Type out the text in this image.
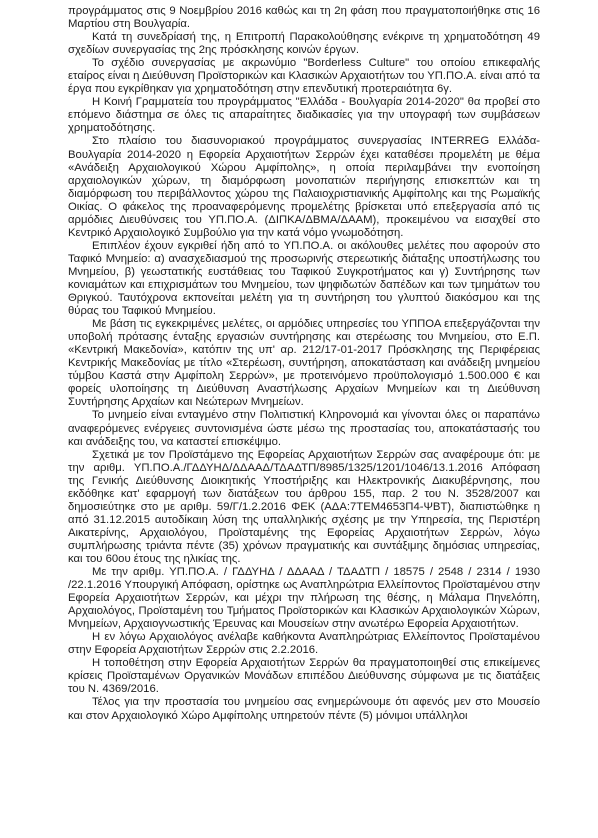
προγράμματος στις 9 Νοεμβρίου 2016 καθώς και τη 2η φάση που πραγματοποιήθηκε στις 16 Μαρτίου στη Βουλγαρία.

Κατά τη συνεδρίασή της, η Επιτροπή Παρακολούθησης ενέκρινε τη χρηματοδότηση 49 σχεδίων συνεργασίας της 2ης πρόσκλησης κοινών έργων.

Το σχέδιο συνεργασίας με ακρωνύμιο "Borderless Culture" του οποίου επικεφαλής εταίρος είναι η Διεύθυνση Προϊστορικών και Κλασικών Αρχαιοτήτων του ΥΠ.ΠΟ.Α. είναι από τα έργα που εγκρίθηκαν για χρηματοδότηση στην επενδυτική προτεραιότητα 6γ.

Η Κοινή Γραμματεία του προγράμματος "Ελλάδα - Βουλγαρία 2014-2020" θα προβεί στο επόμενο διάστημα σε όλες τις απαραίτητες διαδικασίες για την υπογραφή των συμβάσεων χρηματοδότησης.

Στο πλαίσιο του διασυνοριακού προγράμματος συνεργασίας INTERREG Ελλάδα-Βουλγαρία 2014-2020 η Εφορεία Αρχαιοτήτων Σερρών έχει καταθέσει προμελέτη με θέμα «Ανάδειξη Αρχαιολογικού Χώρου Αμφίπολης», η οποία περιλαμβάνει την ενοποίηση αρχαιολογικών χώρων, τη διαμόρφωση μονοπατιών περιήγησης επισκεπτών και τη διαμόρφωση του περιβάλλοντος χώρου της Παλαιοχριστιανικής Αμφίπολης και της Ρωμαϊκής Οικίας. Ο φάκελος της προαναφερόμενης προμελέτης βρίσκεται υπό επεξεργασία από τις αρμόδιες Διευθύνσεις του ΥΠ.ΠΟ.Α. (ΔΙΠΚΑ/ΔΒΜΑ/ΔΑΑΜ), προκειμένου να εισαχθεί στο Κεντρικό Αρχαιολογικό Συμβούλιο για την κατά νόμο γνωμοδότηση.

Επιπλέον έχουν εγκριθεί ήδη από το ΥΠ.ΠΟ.Α. οι ακόλουθες μελέτες που αφορούν στο Ταφικό Μνημείο: α) ανασχεδιασμού της προσωρινής στερεωτικής διάταξης υποστήλωσης του Μνημείου, β) γεωστατικής ευστάθειας του Ταφικού Συγκροτήματος και γ) Συντήρησης των κονιαμάτων και επιχρισμάτων του Μνημείου, των ψηφιδωτών δαπέδων και των τμημάτων του Θριγκού. Ταυτόχρονα εκπονείται μελέτη για τη συντήρηση του γλυπτού διακόσμου και της θύρας του Ταφικού Μνημείου.

Με βάση τις εγκεκριμένες μελέτες, οι αρμόδιες υπηρεσίες του ΥΠΠΟΑ επεξεργάζονται την υποβολή πρότασης ένταξης εργασιών συντήρησης και στερέωσης του Μνημείου, στο Ε.Π. «Κεντρική Μακεδονία», κατόπιν της υπ' αρ. 212/17-01-2017 Πρόσκλησης της Περιφέρειας Κεντρικής Μακεδονίας με τίτλο «Στερέωση, συντήρηση, αποκατάσταση και ανάδειξη μνημείου τύμβου Καστά στην Αμφίπολη Σερρών», με προτεινόμενο προϋπολογισμό 1.500.000 € και φορείς υλοποίησης τη Διεύθυνση Αναστήλωσης Αρχαίων Μνημείων και τη Διεύθυνση Συντήρησης Αρχαίων και Νεώτερων Μνημείων.

Το μνημείο είναι ενταγμένο στην Πολιτιστική Κληρονομιά και γίνονται όλες οι παραπάνω αναφερόμενες ενέργειες συντονισμένα ώστε μέσω της προστασίας του, αποκατάστασής του και ανάδειξης του, να καταστεί επισκέψιμο.

Σχετικά με τον Προϊστάμενο της Εφορείας Αρχαιοτήτων Σερρών σας αναφέρουμε ότι: με την αριθμ. ΥΠ.ΠΟ.Α./ΓΔΔΥΗΔ/ΔΔΑΑΔ/ΤΔΑΔΤΠ/8985/1325/1201/1046/13.1.2016 Απόφαση της Γενικής Διεύθυνσης Διοικητικής Υποστήριξης και Ηλεκτρονικής Διακυβέρνησης, που εκδόθηκε κατ' εφαρμογή των διατάξεων του άρθρου 155, παρ. 2 του Ν. 3528/2007 και δημοσιεύτηκε στο με αριθμ. 59/Γ/1.2.2016 ΦΕΚ (ΑΔΑ:7ΤΕΜ4653Π4-ΨΒΤ), διαπιστώθηκε η από 31.12.2015 αυτοδίκαιη λύση της υπαλληλικής σχέσης με την Υπηρεσία, της Περιστέρη Αικατερίνης, Αρχαιολόγου, Προϊσταμένης της Εφορείας Αρχαιοτήτων Σερρών, λόγω συμπλήρωσης τριάντα πέντε (35) χρόνων πραγματικής και συντάξιμης δημόσιας υπηρεσίας, και του 60ου έτους της ηλικίας της.

Με την αριθμ. ΥΠ.ΠΟ.Α. / ΓΔΔΥΗΔ / ΔΔΑΑΔ / ΤΔΑΔΤΠ / 18575 / 2548 / 2314 / 1930 /22.1.2016 Υπουργική Απόφαση, ορίστηκε ως Αναπληρώτρια Ελλείποντος Προϊσταμένου στην Εφορεία Αρχαιοτήτων Σερρών, και μέχρι την πλήρωση της θέσης, η Μάλαμα Πηνελόπη, Αρχαιολόγος, Προϊσταμένη του Τμήματος Προϊστορικών και Κλασικών Αρχαιολογικών Χώρων, Μνημείων, Αρχαιογνωστικής Έρευνας και Μουσείων στην ανωτέρω Εφορεία Αρχαιοτήτων.

Η εν λόγω Αρχαιολόγος ανέλαβε καθήκοντα Αναπληρώτριας Ελλείποντος Προϊσταμένου στην Εφορεία Αρχαιοτήτων Σερρών στις 2.2.2016.

Η τοποθέτηση στην Εφορεία Αρχαιοτήτων Σερρών θα πραγματοποιηθεί στις επικείμενες κρίσεις Προϊσταμένων Οργανικών Μονάδων επιπέδου Διεύθυνσης σύμφωνα με τις διατάξεις του Ν. 4369/2016.

Τέλος για την προστασία του μνημείου σας ενημερώνουμε ότι αφενός μεν στο Μουσείο και στον Αρχαιολογικό Χώρο Αμφίπολης υπηρετούν πέντε (5) μόνιμοι υπάλληλοι
